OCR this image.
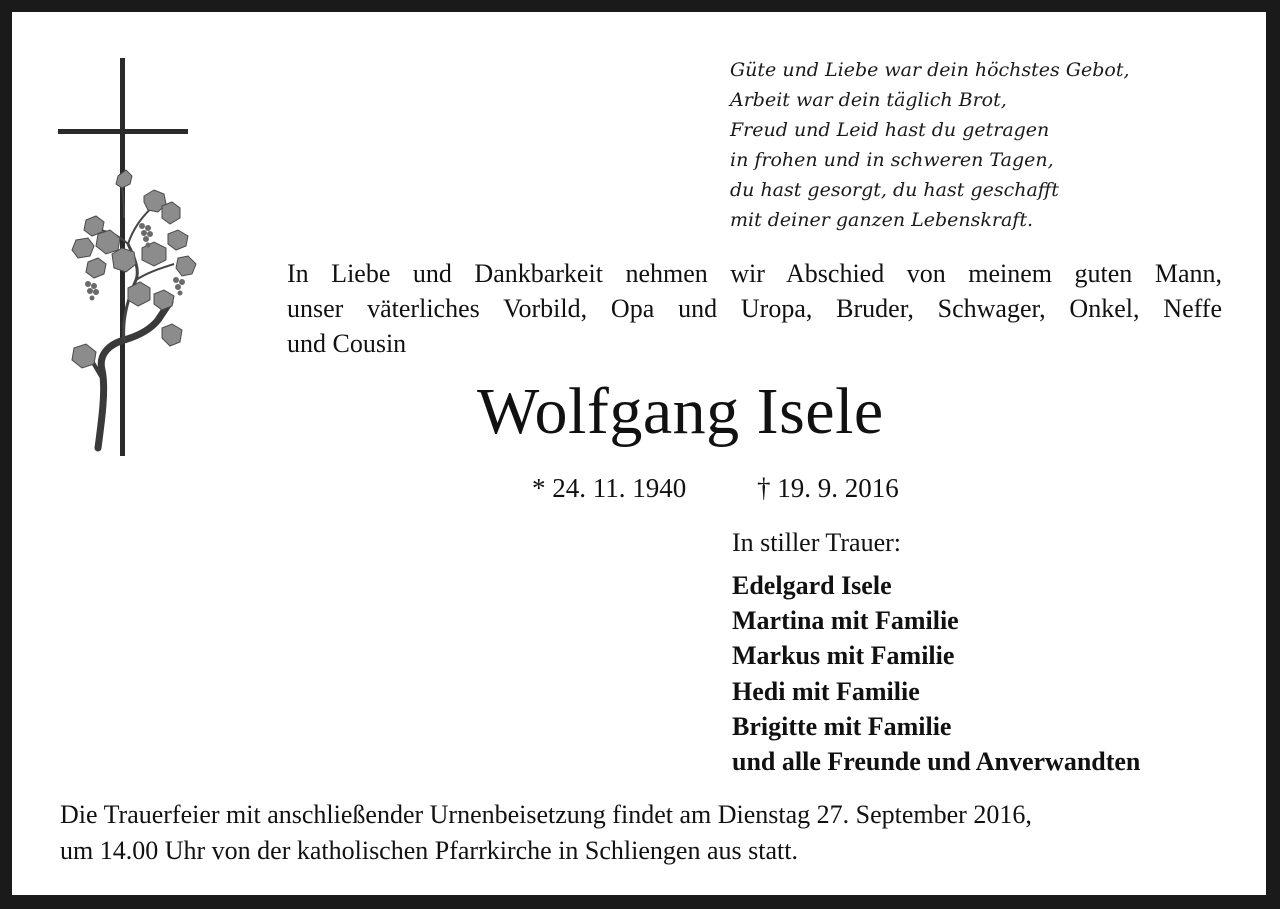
Güte und Liebe war dein höchstes Gebot,
Arbeit war dein täglich Brot,
Freud und Leid hast du getragen
in frohen und in schweren Tagen,
du hast gesorgt, du hast geschafft
mit deiner ganzen Lebenskraft.
In Liebe und Dankbarkeit nehmen wir Abschied von meinem guten Mann,
unser väterliches Vorbild, Opa und Uropa, Bruder, Schwager, Onkel, Neffe
und Cousin
Wolfgang Isele
* 24. 11. 1940	† 19. 9. 2016
In stiller Trauer:
Edelgard Isele
Martina mit Familie
Markus mit Familie
Hedi mit Familie
Brigitte mit Familie
und alle Freunde und Anverwandten
Die Trauerfeier mit anschließender Urnenbeisetzung findet am Dienstag 27. September 2016,
um 14.00 Uhr von der katholischen Pfarrkirche in Schliengen aus statt.
